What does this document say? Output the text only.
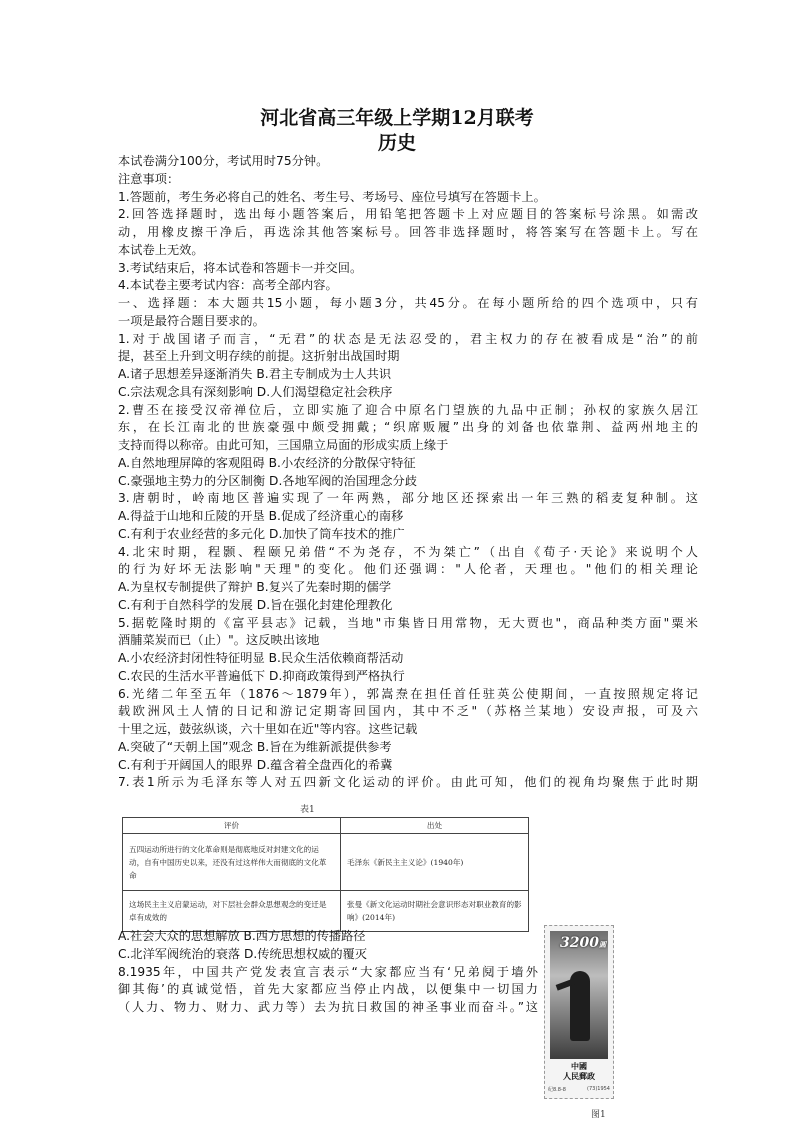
河北省高三年级上学期12月联考
历史
本试卷满分100分，考试用时75分钟。
注意事项：
1.答题前，考生务必将自己的姓名、考生号、考场号、座位号填写在答题卡上。
2.回答选择题时，选出每小题答案后，用铅笔把答题卡上对应题目的答案标号涂黑。如需改
动，用橡皮擦干净后，再选涂其他答案标号。回答非选择题时，将答案写在答题卡上。写在
本试卷上无效。
3.考试结束后，将本试卷和答题卡一并交回。
4.本试卷主要考试内容：高考全部内容。
一、选择题：本大题共15小题，每小题3分，共45分。在每小题所给的四个选项中，只有
一项是最符合题目要求的。
1.对于战国诸子而言，“无君”的状态是无法忍受的，君主权力的存在被看成是“治”的前
提，甚至上升到文明存续的前提。这折射出战国时期
A.诸子思想差异逐渐消失 B.君主专制成为士人共识
C.宗法观念具有深刻影响 D.人们渴望稳定社会秩序
2.曹丕在接受汉帝禅位后，立即实施了迎合中原名门望族的九品中正制；孙权的家族久居江
东，在长江南北的世族豪强中颇受拥戴；“织席贩履”出身的刘备也依靠荆、益两州地主的
支持而得以称帝。由此可知，三国鼎立局面的形成实质上缘于
A.自然地理屏障的客观阻碍 B.小农经济的分散保守特征
C.豪强地主势力的分区制衡 D.各地军阀的治国理念分歧
3.唐朝时，岭南地区普遍实现了一年两熟，部分地区还探索出一年三熟的稻麦复种制。这
A.得益于山地和丘陵的开垦 B.促成了经济重心的南移
C.有利于农业经营的多元化 D.加快了筒车技术的推广
4.北宋时期，程颢、程颐兄弟借“不为尧存，不为桀亡”（出自《荀子·天论》来说明个人
的行为好坏无法影响"天理"的变化。他们还强调："人伦者，天理也。"他们的相关理论
A.为皇权专制提供了辩护 B.复兴了先秦时期的儒学
C.有利于自然科学的发展 D.旨在强化封建伦理教化
5.据乾隆时期的《富平县志》记载，当地"市集皆日用常物，无大贾也"，商品种类方面"粟米
酒脯菜炭而已（止）"。这反映出该地
A.小农经济封闭性特征明显 B.民众生活依赖商帮活动
C.农民的生活水平普遍低下 D.抑商政策得到严格执行
6.光绪二年至五年（1876～1879年），郭嵩焘在担任首任驻英公使期间，一直按照规定将记
载欧洲风土人情的日记和游记定期寄回国内，其中不乏"（苏格兰某地）安设声报，可及六
十里之远，鼓弦纵谈，六十里如在近"等内容。这些记载
A.突破了“天朝上国”观念 B.旨在为维新派提供参考
C.有利于开阔国人的眼界 D.蕴含着全盘西化的希冀
7.表1所示为毛泽东等人对五四新文化运动的评价。由此可知，他们的视角均聚焦于此时期
表1
评价	出处
五四运动所进行的文化革命则是彻底地反对封建文化的运动，自有中国历史以来，还没有过这样伟大而彻底的文化革命	毛泽东《新民主主义论》(1940年)
这场民主主义启蒙运动，对下层社会群众思想观念的变迁是卓有成效的	张曼《新文化运动时期社会意识形态对职业教育的影响》(2014年)
A.社会大众的思想解放 B.西方思想的传播路径
C.北洋军阀统治的衰落 D.传统思想权威的覆灭
8.1935年，中国共产党发表宣言表示“大家都应当有‘兄弟阋于墙外
御其侮’的真诚觉悟，首先大家都应当停止内战，以便集中一切国力
（人力、物力、财力、武力等）去为抗日救国的神圣事业而奋斗。”这
3200圓
中國
人民郵政
纪8.8-8	(73)1954
图1
